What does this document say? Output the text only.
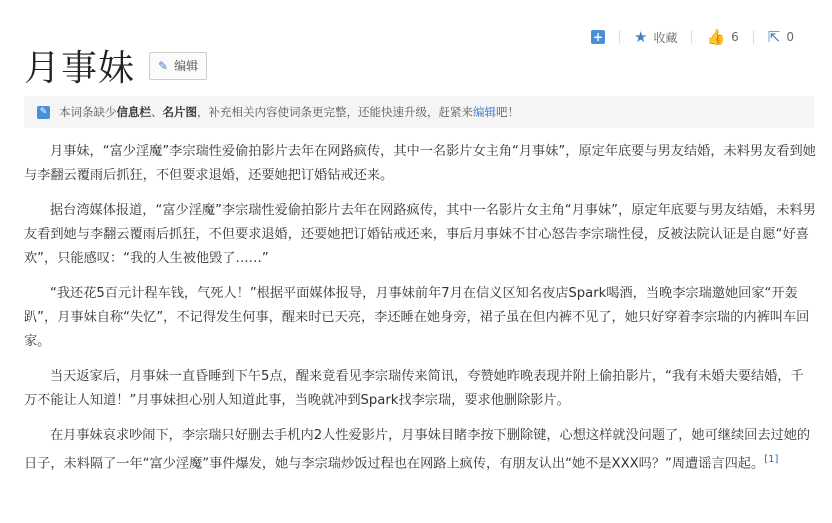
+ ★ 收藏 👍 6 ⇱ 0
月事妹 ✎ 编辑
✎ 本词条缺少 信息栏 、 名片图 ，补充相关内容使词条更完整，还能快速升级，赶紧来 编辑 吧！

月事妹，“富少淫魔”李宗瑞性爱偷拍影片去年在网路疯传，其中一名影片女主角“月事妹”，原定年底要与男友结婚，未料男友看到她与李翻云覆雨后抓狂，不但要求退婚，还要她把订婚钻戒还来。

据台湾媒体报道，“富少淫魔”李宗瑞性爱偷拍影片去年在网路疯传，其中一名影片女主角“月事妹”，原定年底要与男友结婚，未料男友看到她与李翻云覆雨后抓狂，不但要求退婚，还要她把订婚钻戒还来，事后月事妹不甘心怒告李宗瑞性侵，反被法院认证是自愿“好喜欢”，只能感叹：“我的人生被他毁了……”

“我还花5百元计程车钱，气死人！”根据平面媒体报导，月事妹前年7月在信义区知名夜店Spark喝酒，当晚李宗瑞邀她回家“开轰趴”，月事妹自称“失忆”，不记得发生何事，醒来时已天亮，李还睡在她身旁，裙子虽在但内裤不见了，她只好穿着李宗瑞的内裤叫车回家。

当天返家后，月事妹一直昏睡到下午5点，醒来竟看见李宗瑞传来简讯，夸赞她昨晚表现并附上偷拍影片，“我有未婚夫要结婚，千万不能让人知道！”月事妹担心别人知道此事，当晚就冲到Spark找李宗瑞，要求他删除影片。

在月事妹哀求吵闹下，李宗瑞只好删去手机内2人性爱影片，月事妹目睹李按下删除键，心想这样就没问题了，她可继续回去过她的日子，未料隔了一年“富少淫魔”事件爆发，她与李宗瑞炒饭过程也在网路上疯传，有朋友认出“她不是XXX吗？”周遭谣言四起。[1]
